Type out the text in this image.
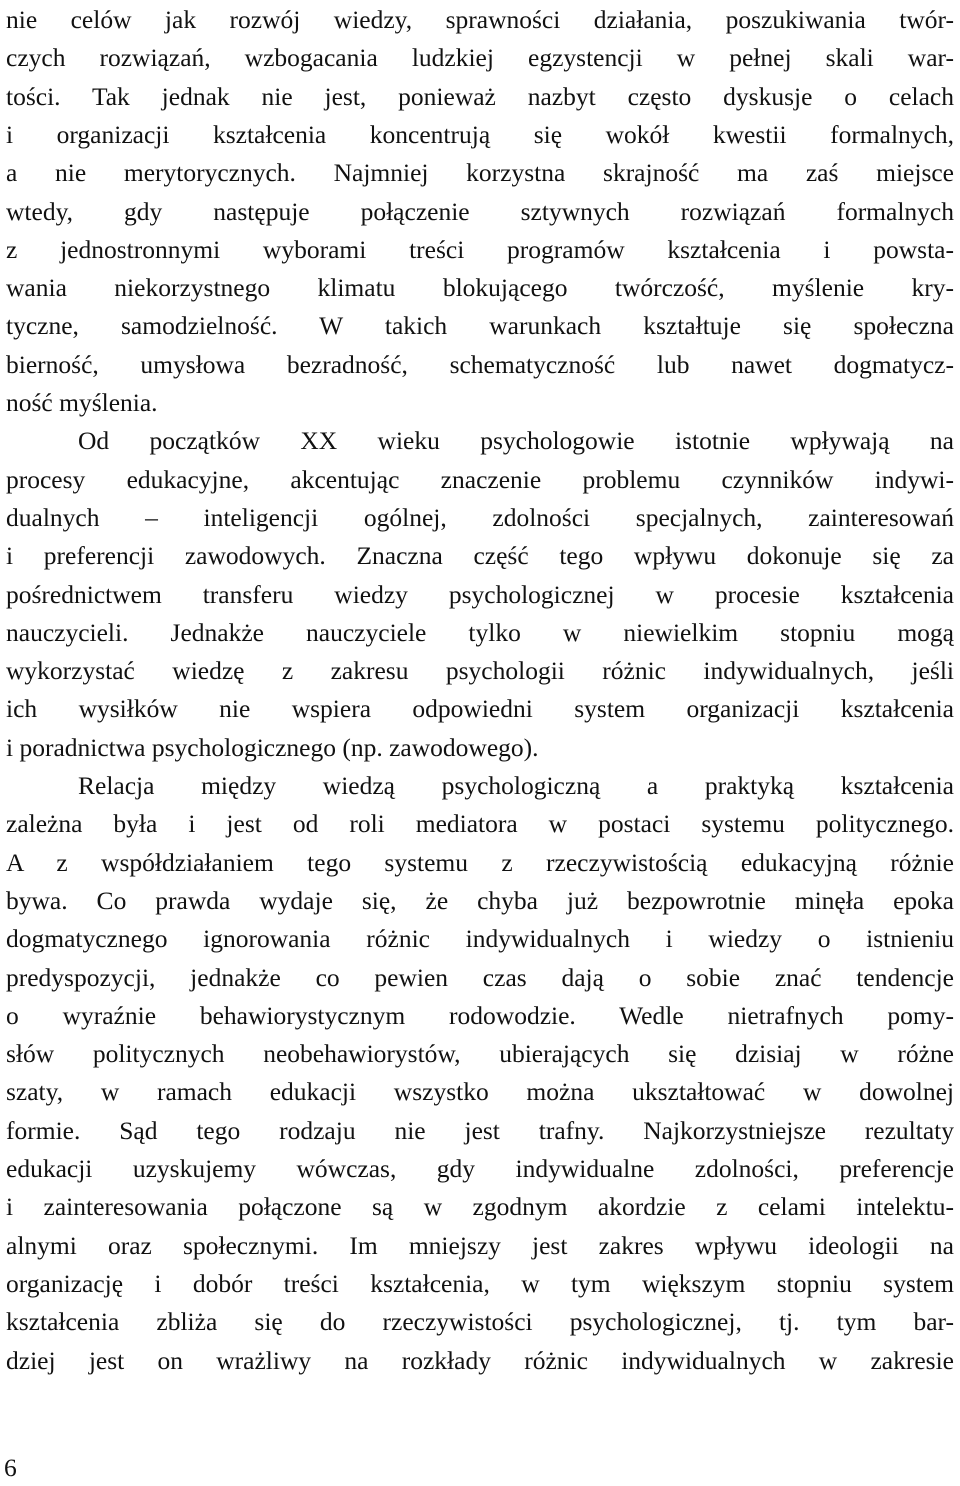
nie celów jak rozwój wiedzy, sprawności działania, poszukiwania twór-
czych rozwiązań, wzbogacania ludzkiej egzystencji w pełnej skali war-
tości. Tak jednak nie jest, ponieważ nazbyt często dyskusje o celach
i organizacji kształcenia koncentrują się wokół kwestii formalnych,
a nie merytorycznych. Najmniej korzystna skrajność ma zaś miejsce
wtedy, gdy następuje połączenie sztywnych rozwiązań formalnych
z jednostronnymi wyborami treści programów kształcenia i powsta-
wania niekorzystnego klimatu blokującego twórczość, myślenie kry-
tyczne, samodzielność. W takich warunkach kształtuje się społeczna
bierność, umysłowa bezradność, schematyczność lub nawet dogmatycz-
ność myślenia.
Od początków XX wieku psychologowie istotnie wpływają na
procesy edukacyjne, akcentując znaczenie problemu czynników indywi-
dualnych – inteligencji ogólnej, zdolności specjalnych, zainteresowań
i preferencji zawodowych. Znaczna część tego wpływu dokonuje się za
pośrednictwem transferu wiedzy psychologicznej w procesie kształcenia
nauczycieli. Jednakże nauczyciele tylko w niewielkim stopniu mogą
wykorzystać wiedzę z zakresu psychologii różnic indywidualnych, jeśli
ich wysiłków nie wspiera odpowiedni system organizacji kształcenia
i poradnictwa psychologicznego (np. zawodowego).
Relacja między wiedzą psychologiczną a praktyką kształcenia
zależna była i jest od roli mediatora w postaci systemu politycznego.
A z współdziałaniem tego systemu z rzeczywistością edukacyjną różnie
bywa. Co prawda wydaje się, że chyba już bezpowrotnie minęła epoka
dogmatycznego ignorowania różnic indywidualnych i wiedzy o istnieniu
predyspozycji, jednakże co pewien czas dają o sobie znać tendencje
o wyraźnie behawiorystycznym rodowodzie. Wedle nietrafnych pomy-
słów politycznych neobehawiorystów, ubierających się dzisiaj w różne
szaty, w ramach edukacji wszystko można ukształtować w dowolnej
formie. Sąd tego rodzaju nie jest trafny. Najkorzystniejsze rezultaty
edukacji uzyskujemy wówczas, gdy indywidualne zdolności, preferencje
i zainteresowania połączone są w zgodnym akordzie z celami intelektu-
alnymi oraz społecznymi. Im mniejszy jest zakres wpływu ideologii na
organizację i dobór treści kształcenia, w tym większym stopniu system
kształcenia zbliża się do rzeczywistości psychologicznej, tj. tym bar-
dziej jest on wrażliwy na rozkłady różnic indywidualnych w zakresie
6
